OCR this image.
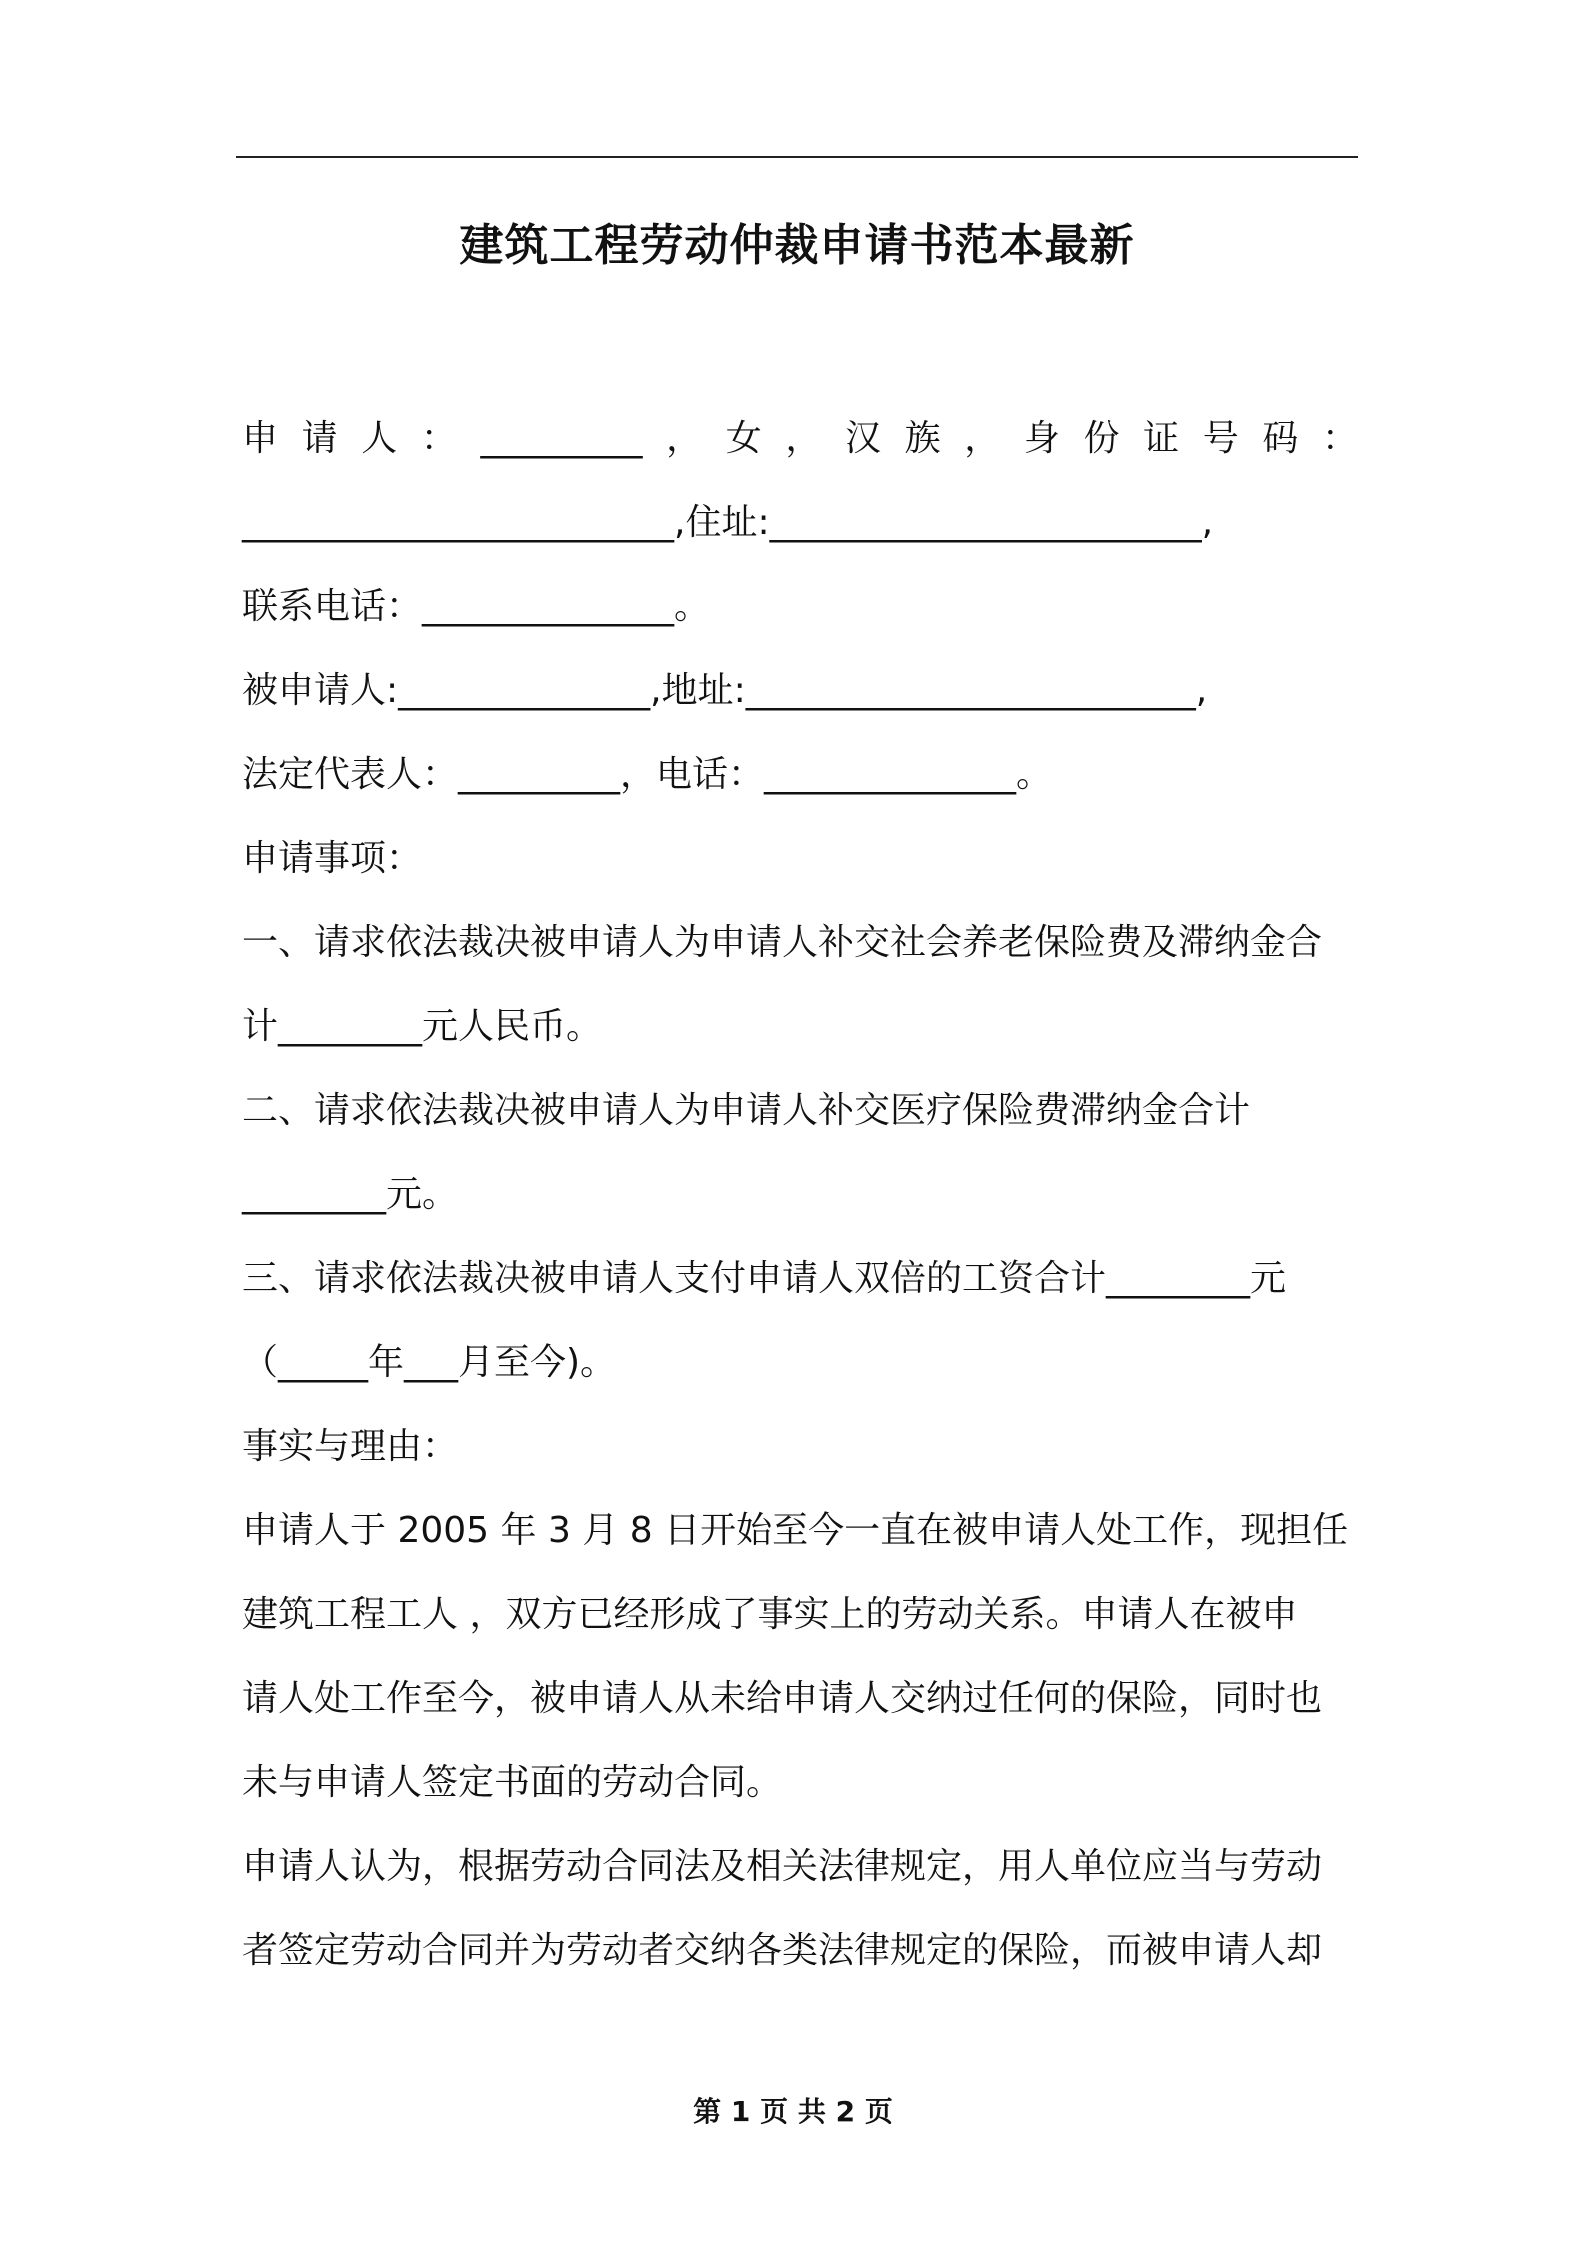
建筑工程劳动仲裁申请书范本最新
申 请 人 ： _________ ， 女 ， 汉 族 ， 身 份 证 号 码 ：

________________________,住址:________________________,

联系电话：______________。

被申请人:______________,地址:_________________________,

法定代表人：_________，电话：______________。

申请事项：

一、请求依法裁决被申请人为申请人补交社会养老保险费及滞纳金合

计________元人民币。

二、请求依法裁决被申请人为申请人补交医疗保险费滞纳金合计

________元。

三、请求依法裁决被申请人支付申请人双倍的工资合计________元

（_____年___月至今)。

事实与理由：

申请人于 2005 年 3 月 8 日开始至今一直在被申请人处工作，现担任

建筑工程工人 ，双方已经形成了事实上的劳动关系。申请人在被申

请人处工作至今，被申请人从未给申请人交纳过任何的保险，同时也

未与申请人签定书面的劳动合同。

申请人认为，根据劳动合同法及相关法律规定，用人单位应当与劳动

者签定劳动合同并为劳动者交纳各类法律规定的保险，而被申请人却

第 1 页 共 2 页
